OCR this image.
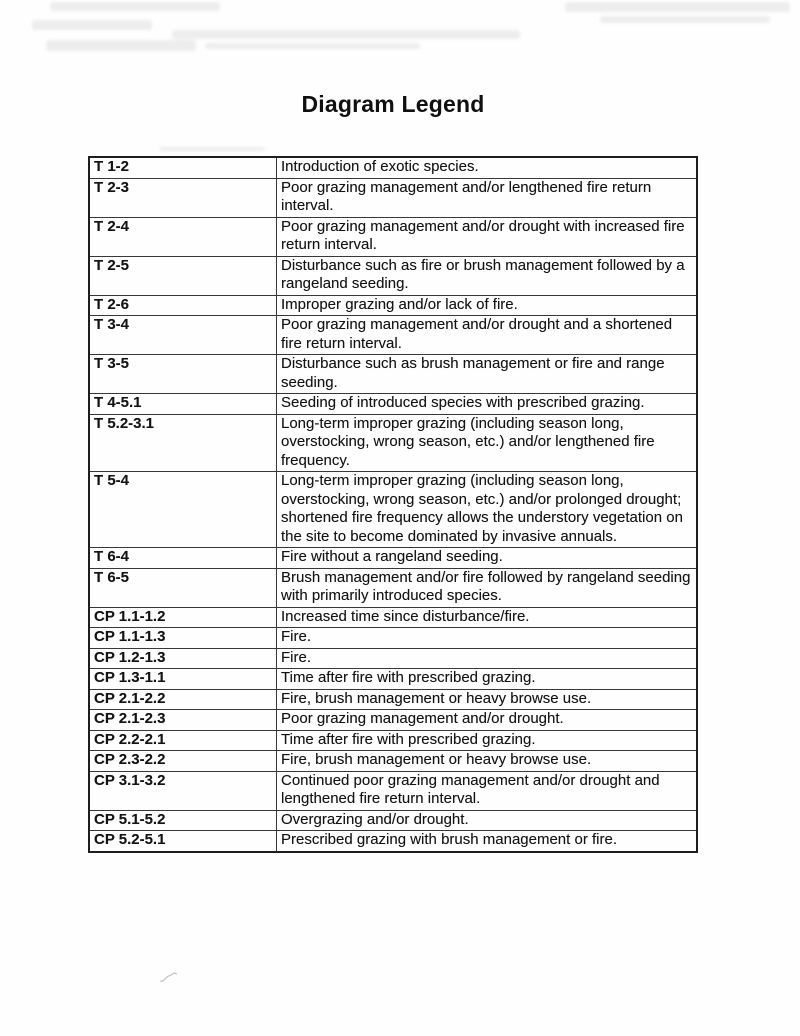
Diagram Legend
T 1-2	Introduction of exotic species.
T 2-3	Poor grazing management and/or lengthened fire return interval.
T 2-4	Poor grazing management and/or drought with increased fire return interval.
T 2-5	Disturbance such as fire or brush management followed by a rangeland seeding.
T 2-6	Improper grazing and/or lack of fire.
T 3-4	Poor grazing management and/or drought and a shortened fire return interval.
T 3-5	Disturbance such as brush management or fire and range seeding.
T 4-5.1	Seeding of introduced species with prescribed grazing.
T 5.2-3.1	Long-term improper grazing (including season long, overstocking, wrong season, etc.) and/or lengthened fire frequency.
T 5-4	Long-term improper grazing (including season long, overstocking, wrong season, etc.) and/or prolonged drought; shortened fire frequency allows the understory vegetation on the site to become dominated by invasive annuals.
T 6-4	Fire without a rangeland seeding.
T 6-5	Brush management and/or fire followed by rangeland seeding with primarily introduced species.
CP 1.1-1.2	Increased time since disturbance/fire.
CP 1.1-1.3	Fire.
CP 1.2-1.3	Fire.
CP 1.3-1.1	Time after fire with prescribed grazing.
CP 2.1-2.2	Fire, brush management or heavy browse use.
CP 2.1-2.3	Poor grazing management and/or drought.
CP 2.2-2.1	Time after fire with prescribed grazing.
CP 2.3-2.2	Fire, brush management or heavy browse use.
CP 3.1-3.2	Continued poor grazing management and/or drought and lengthened fire return interval.
CP 5.1-5.2	Overgrazing and/or drought.
CP 5.2-5.1	Prescribed grazing with brush management or fire.
